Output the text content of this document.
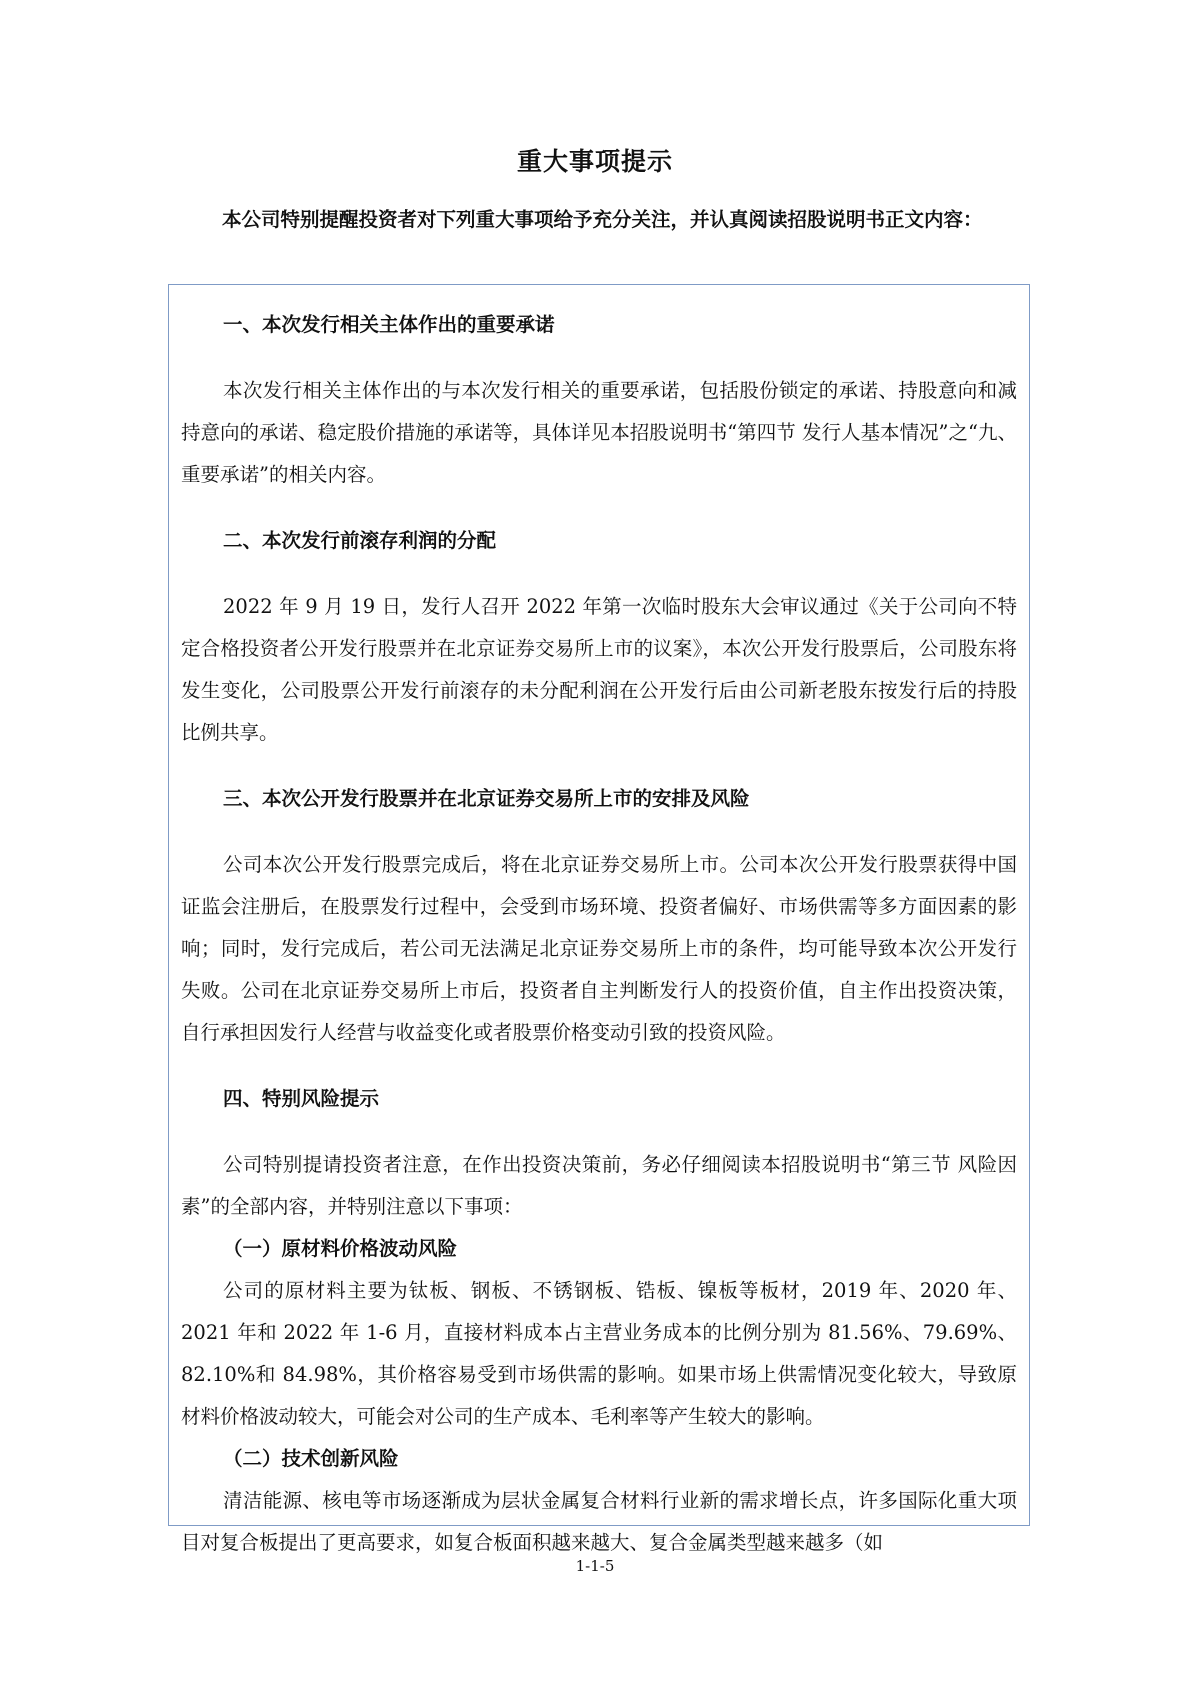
重大事项提示

本公司特别提醒投资者对下列重大事项给予充分关注，并认真阅读招股说明书正文内容：

一、本次发行相关主体作出的重要承诺

本次发行相关主体作出的与本次发行相关的重要承诺，包括股份锁定的承诺、持股意向和减持意向的承诺、稳定股价措施的承诺等，具体详见本招股说明书“第四节 发行人基本情况”之“九、重要承诺”的相关内容。

二、本次发行前滚存利润的分配

2022 年 9 月 19 日，发行人召开 2022 年第一次临时股东大会审议通过《关于公司向不特定合格投资者公开发行股票并在北京证券交易所上市的议案》，本次公开发行股票后，公司股东将发生变化，公司股票公开发行前滚存的未分配利润在公开发行后由公司新老股东按发行后的持股比例共享。

三、本次公开发行股票并在北京证券交易所上市的安排及风险

公司本次公开发行股票完成后，将在北京证券交易所上市。公司本次公开发行股票获得中国证监会注册后，在股票发行过程中，会受到市场环境、投资者偏好、市场供需等多方面因素的影响；同时，发行完成后，若公司无法满足北京证券交易所上市的条件，均可能导致本次公开发行失败。公司在北京证券交易所上市后，投资者自主判断发行人的投资价值，自主作出投资决策，自行承担因发行人经营与收益变化或者股票价格变动引致的投资风险。

四、特别风险提示

公司特别提请投资者注意，在作出投资决策前，务必仔细阅读本招股说明书“第三节 风险因素”的全部内容，并特别注意以下事项：

（一）原材料价格波动风险

公司的原材料主要为钛板、钢板、不锈钢板、锆板、镍板等板材，2019 年、2020 年、2021 年和 2022 年 1-6 月，直接材料成本占主营业务成本的比例分别为 81.56%、79.69%、82.10%和 84.98%，其价格容易受到市场供需的影响。如果市场上供需情况变化较大，导致原材料价格波动较大，可能会对公司的生产成本、毛利率等产生较大的影响。

（二）技术创新风险

清洁能源、核电等市场逐渐成为层状金属复合材料行业新的需求增长点，许多国际化重大项目对复合板提出了更高要求，如复合板面积越来越大、复合金属类型越来越多（如

1-1-5
